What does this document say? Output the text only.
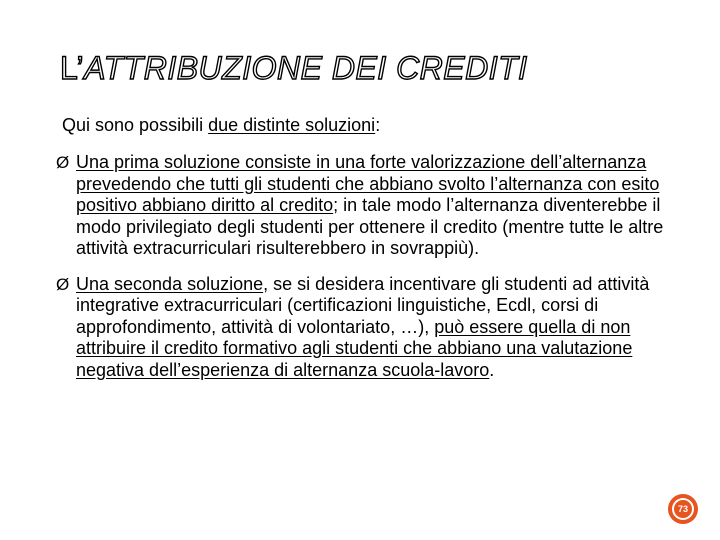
L’ATTRIBUZIONE DEI CREDITI
Qui sono possibili due distinte soluzioni:
Ø Una prima soluzione consiste in una forte valorizzazione dell’alternanza prevedendo che tutti gli studenti che abbiano svolto l’alternanza con esito positivo abbiano diritto al credito; in tale modo l’alternanza diventerebbe il modo privilegiato degli studenti per ottenere il credito (mentre tutte le altre attività extracurriculari risulterebbero in sovrappiù).
Ø Una seconda soluzione, se si desidera incentivare gli studenti ad attività integrative extracurriculari (certificazioni linguistiche, Ecdl, corsi di approfondimento, attività di volontariato, …), può essere quella di non attribuire il credito formativo agli studenti che abbiano una valutazione negativa dell’esperienza di alternanza scuola-lavoro.
73
